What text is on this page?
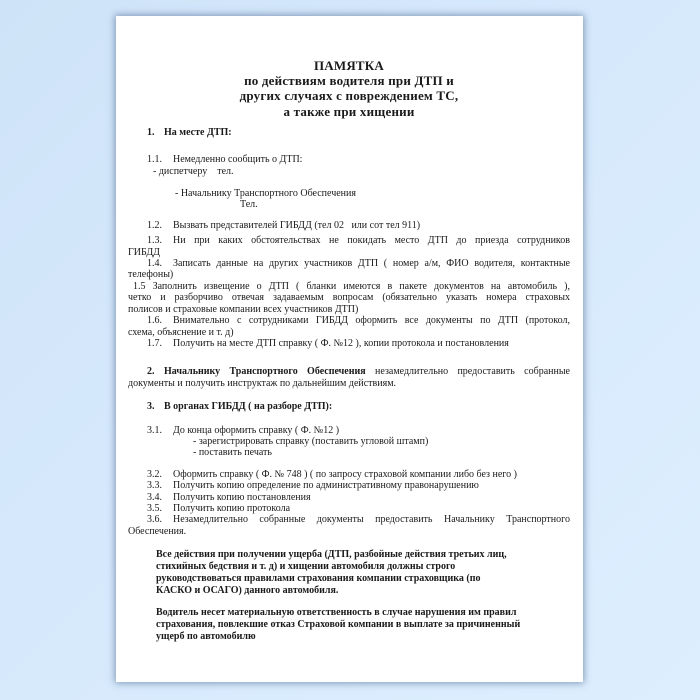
ПАМЯТКА
по действиям водителя при ДТП и
других случаях с повреждением ТС,
а также при хищении
1. На месте ДТП:
1.1. Немедленно сообщить о ДТП:
- диспетчеру    тел.
- Начальнику Транспортного Обеспечения
Тел.
1.2. Вызвать представителей ГИБДД (тел 02   или сот тел 911)
1.3. Ни при каких обстоятельствах не покидать место ДТП до приезда сотрудников
ГИБДД
1.4. Записать данные на других участников ДТП ( номер а/м, ФИО водителя, контактные
телефоны)
1.5 Заполнить извещение о ДТП ( бланки имеются в пакете документов на автомобиль ),
четко и разборчиво отвечая задаваемым вопросам (обязательно указать номера страховых
полисов и страховые компании всех участников ДТП)
1.6. Внимательно с сотрудниками ГИБДД оформить все документы по ДТП (протокол,
схема, объяснение и т. д)
1.7. Получить на месте ДТП справку ( Ф. №12 ), копии протокола и постановления
2. Начальнику Транспортного Обеспечения незамедлительно предоставить собранные
документы и получить инструктаж по дальнейшим действиям.
3. В органах ГИБДД ( на разборе ДТП):
3.1. До конца оформить справку ( Ф. №12 )
- зарегистрировать справку (поставить угловой штамп)
- поставить печать
3.2. Оформить справку ( Ф. № 748 ) ( по запросу страховой компании либо без него )
3.3. Получить копию определение по административному правонарушению
3.4. Получить копию постановления
3.5. Получить копию протокола
3.6. Незамедлительно собранные документы предоставить Начальнику Транспортного
Обеспечения.
Все действия при получении ущерба (ДТП, разбойные действия третьих лиц,
стихийных бедствия и т. д) и хищении автомобиля должны строго
руководствоваться правилами страхования компании страховщика (по
КАСКО и ОСАГО) данного автомобиля.
Водитель несет материальную ответственность в случае нарушения им правил
страхования, повлекшие отказ Страховой компании в выплате за причиненный
ущерб по автомобилю
